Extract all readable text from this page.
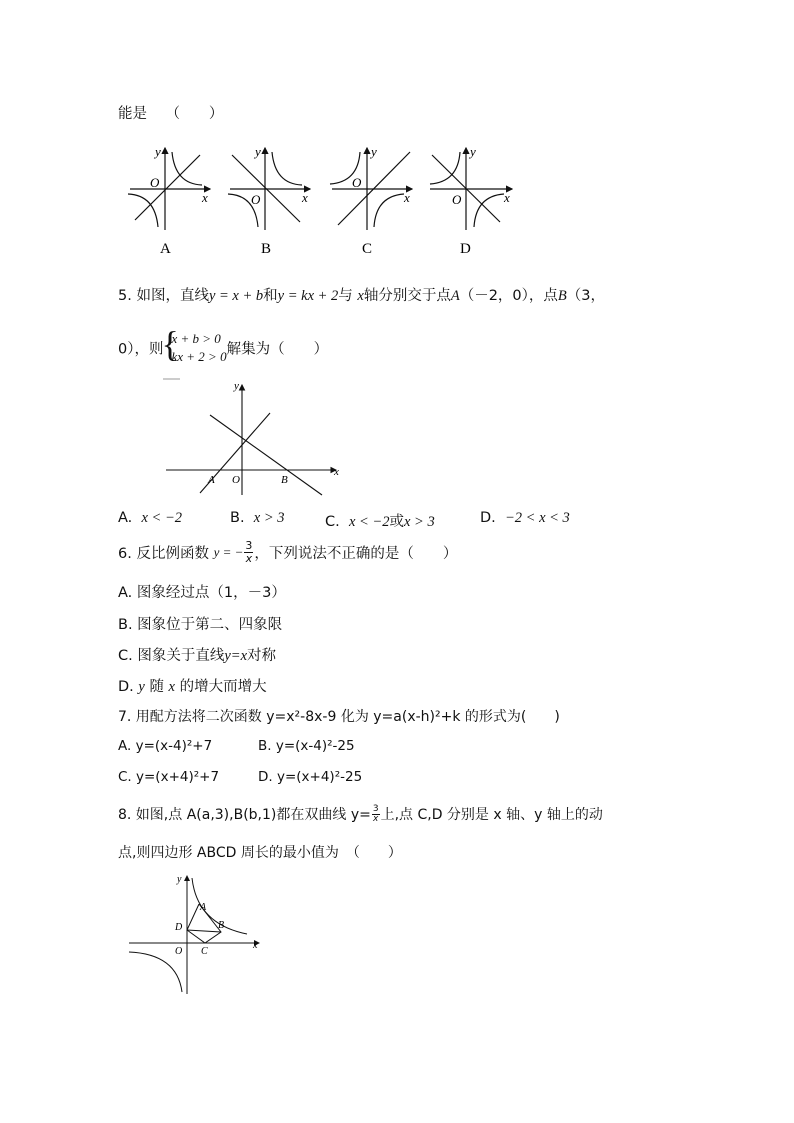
能是 （　　）
y
O
x
A
y
O	x
B
y
O
x
C
y
O	x
D
5. 如图，直线y = x + b和y = kx + 2与 x轴分别交于点A（－2，0），点B（3，
0），则
{
x + b > 0
kx + 2 > 0 解集为（　　）
y
x
A O	B
A. x < −2	B. x > 3	C. x < −2或x > 3	D. −2 < x < 3
6. 反比例函数 y = − $\frac{3}{x}$ ，下列说法不正确的是（　　）
A. 图象经过点（1，－3）
B. 图象位于第二、四象限
C. 图象关于直线y=x对称
D. y 随 x 的增大而增大
7. 用配方法将二次函数 y=x²-8x-9 化为 y=a(x-h)²+k 的形式为(　　)
A. y=(x-4)²+7	B. y=(x-4)²-25
C. y=(x+4)²+7	D. y=(x+4)²-25
8. 如图,点 A(a,3),B(b,1)都在双曲线 $y= \frac{3}{x}$ 上,点 C,D 分别是 x 轴、y 轴上的动
点,则四边形 ABCD 周长的最小值为　（　　）
y
x
A
B
D
O C
